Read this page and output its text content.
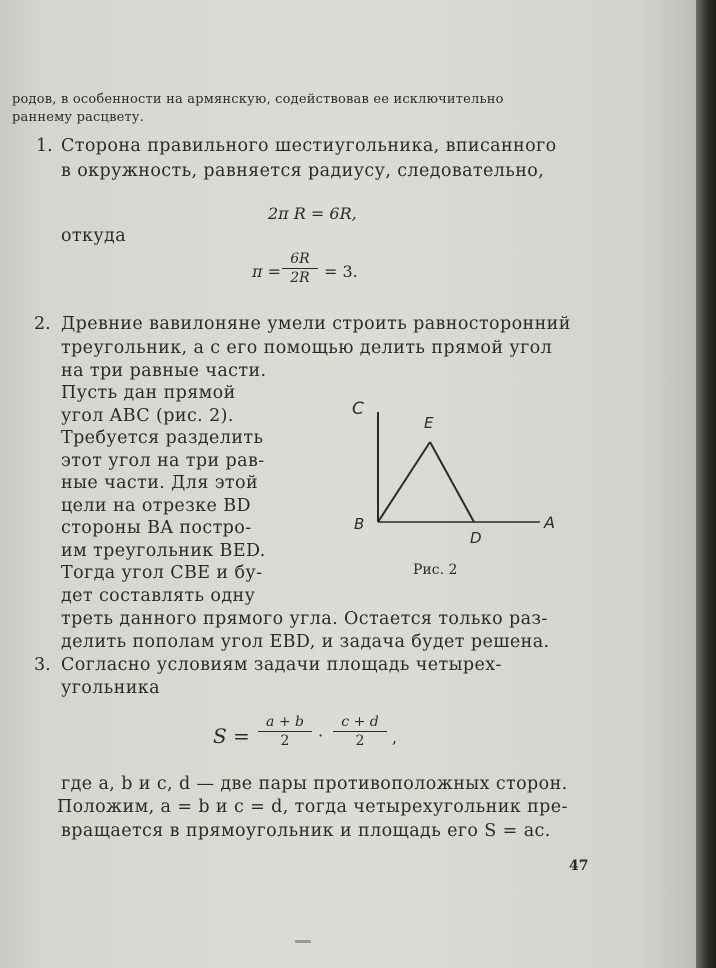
родов, в особенности на армянскую, содействовав ее исключительно
раннему расцвету.
1. Сторона правильного шестиугольника, вписанного
в окружность, равняется радиусу, следовательно,
2π R = 6R,
откуда
$\pi = \frac{6R}{2R} = 3$.
2. Древние вавилоняне умели строить равносторонний
треугольник, а с его помощью делить прямой угол
на три равные части.
Пусть дан прямой
угол ABC (рис. 2).
Требуется разделить
этот угол на три рав-
ные части. Для этой
цели на отрезке BD
стороны BA постро-
им треугольник BED.
Тогда угол CBE и бу-
дет составлять одну
треть данного прямого угла. Остается только раз-
делить пополам угол EBD, и задача будет решена.
C
E
B
D
A
Рис. 2
3. Согласно условиям задачи площадь четырех-
угольника
$S = \frac{a + b}{2} \cdot \frac{c + d}{2}$ ,
где a, b и c, d — две пары противоположных сторон.
Положим, a = b и c = d, тогда четырехугольник пре-
вращается в прямоугольник и площадь его S = ac.
47
